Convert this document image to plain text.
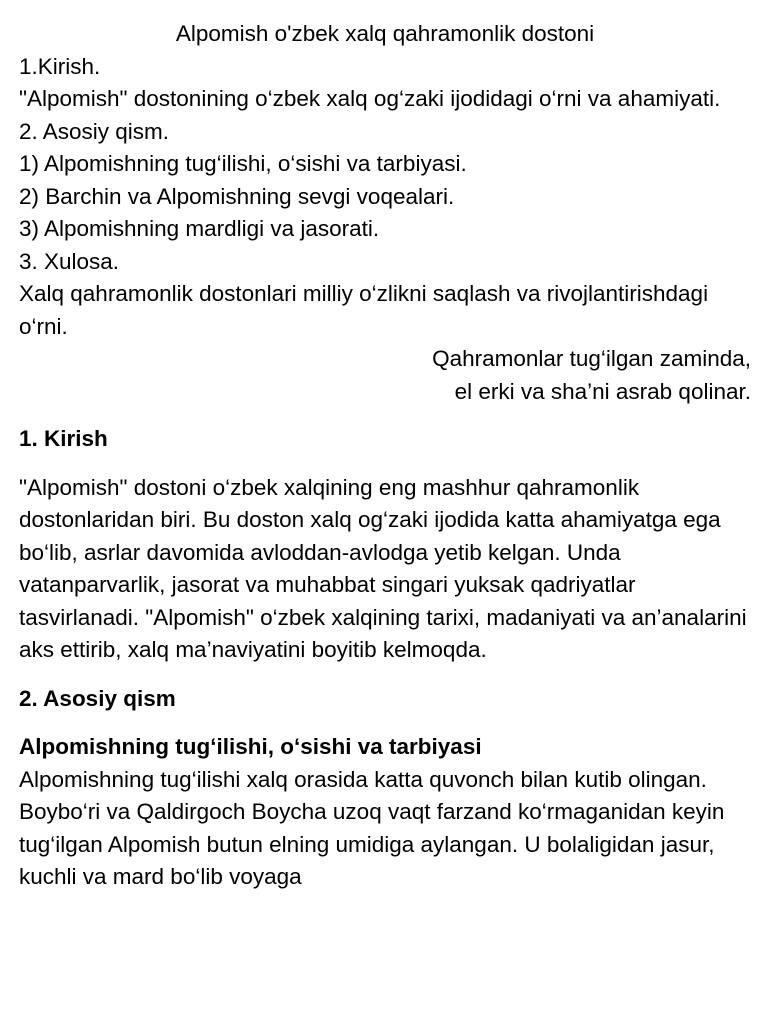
Alpomish o'zbek xalq qahramonlik dostoni

1.Kirish.

"Alpomish" dostonining o‘zbek xalq og‘zaki ijodidagi o‘rni va ahamiyati.

2. Asosiy qism.

1) Alpomishning tug‘ilishi, o‘sishi va tarbiyasi.

2) Barchin va Alpomishning sevgi voqealari.

3) Alpomishning mardligi va jasorati.

3. Xulosa.

Xalq qahramonlik dostonlari milliy o‘zlikni saqlash va rivojlantirishdagi o‘rni.

Qahramonlar tug‘ilgan zaminda,

el erki va sha’ni asrab qolinar.

1. Kirish

"Alpomish" dostoni o‘zbek xalqining eng mashhur qahramonlik dostonlaridan biri. Bu doston xalq og‘zaki ijodida katta ahamiyatga ega bo‘lib, asrlar davomida avloddan-avlodga yetib kelgan. Unda vatanparvarlik, jasorat va muhabbat singari yuksak qadriyatlar tasvirlanadi. "Alpomish" o‘zbek xalqining tarixi, madaniyati va an’analarini aks ettirib, xalq ma’naviyatini boyitib kelmoqda.

2. Asosiy qism

Alpomishning tug‘ilishi, o‘sishi va tarbiyasi

Alpomishning tug‘ilishi xalq orasida katta quvonch bilan kutib olingan. Boybo‘ri va Qaldirgoch Boycha uzoq vaqt farzand ko‘rmaganidan keyin tug‘ilgan Alpomish butun elning umidiga aylangan. U bolaligidan jasur, kuchli va mard bo‘lib voyaga
